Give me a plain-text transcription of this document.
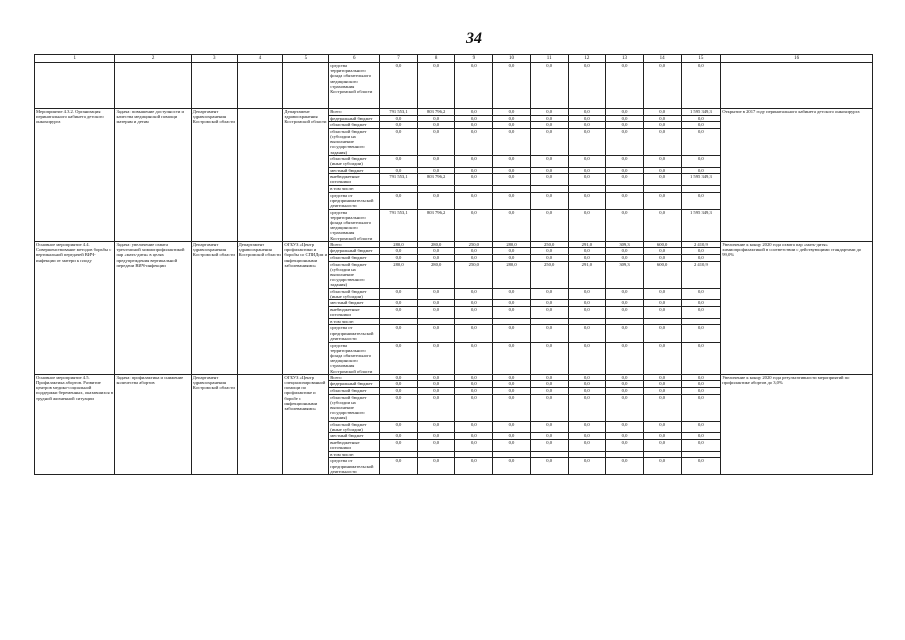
34
1	2	3	4	5	6	7	8	9	10	11	12	13	14	15	16
					средства территориального фонда обязательного медицинского страхования Костромской области	0,0	0,0	0,0	0,0	0,0	0,0	0,0	0,0	0,0	
Мероприятие 4.3.2. Организация перинатального кабинета детского онкохирурга	Задача: повышение доступности и качества медицинской помощи матерям и детям	Департамент здравоохранения Костромской области		Департамент здравоохранения Костромской области	Всего	791 553,1	803 796,2	0,0	0,0	0,0	0,0	0,0	0,0	1 595 349,3	Открытие в 2017 году перинатального кабинета детского онкохирурга
					федеральный бюджет	0,0	0,0	0,0	0,0	0,0	0,0	0,0	0,0	0,0	
					областной бюджет	0,0	0,0	0,0	0,0	0,0	0,0	0,0	0,0	0,0	
					областной бюджет (субсидии на выполнение государственного задания)	0,0	0,0	0,0	0,0	0,0	0,0	0,0	0,0	0,0	
					областной бюджет (иные субсидии)	0,0	0,0	0,0	0,0	0,0	0,0	0,0	0,0	0,0	
					местный бюджет	0,0	0,0	0,0	0,0	0,0	0,0	0,0	0,0	0,0	
					внебюджетные источники	791 553,1	803 796,2	0,0	0,0	0,0	0,0	0,0	0,0	1 595 349,3	
					в том числе:										
					средства от предпринимательской деятельности	0,0	0,0	0,0	0,0	0,0	0,0	0,0	0,0	0,0	
					средства территориального фонда обязательного медицинского страхования Костромской области	791 553,1	803 796,2	0,0	0,0	0,0	0,0	0,0	0,0	1 595 349,3	
Основное мероприятие 4.4. Совершенствование методов борьбы с вертикальной передачей ВИЧ-инфекции от матери к плоду	Задача: увеличение охвата трехэтапной химиопрофилактикой пар «мать-дитя» в целях предупреждения вертикальной передачи ВИЧ-инфекции	Департамент здравоохранения Костромской области	Департамент здравоохранения Костромской области	ОГБУЗ «Центр профилактики и борьбы со СПИДом и инфекционными заболеваниями»	Всего	280,0	280,0	250,0	280,0	250,0	291,0	309,3	600,0	2 410,9	Увеличение к концу 2020 года охвата пар «мать-дитя» химиопрофилактикой в соответствии с действующими стандартами до 99,0%
					федеральный бюджет	0,0	0,0	0,0	0,0	0,0	0,0	0,0	0,0	0,0	
					областной бюджет	0,0	0,0	0,0	0,0	0,0	0,0	0,0	0,0	0,0	
					областной бюджет (субсидии на выполнение государственного задания)	280,0	280,0	250,0	280,0	250,0	291,0	309,3	600,0	2 410,9	
					областной бюджет (иные субсидии)	0,0	0,0	0,0	0,0	0,0	0,0	0,0	0,0	0,0	
					местный бюджет	0,0	0,0	0,0	0,0	0,0	0,0	0,0	0,0	0,0	
					внебюджетные источники	0,0	0,0	0,0	0,0	0,0	0,0	0,0	0,0	0,0	
					в том числе:										
					средства от предпринимательской деятельности	0,0	0,0	0,0	0,0	0,0	0,0	0,0	0,0	0,0	
					средства территориального фонда обязательного медицинского страхования Костромской области	0,0	0,0	0,0	0,0	0,0	0,0	0,0	0,0	0,0	
Основное мероприятие 4.5. Профилактика абортов. Развитие центров медико-социальной поддержки беременных, оказавшихся в трудной жизненной ситуации	Задача: профилактика и снижение количества абортов	Департамент здравоохранения Костромской области		ОГБУЗ «Центр специализированной помощи по профилактике и борьбе с инфекционными заболеваниями»	Всего	0,0	0,0	0,0	0,0	0,0	0,0	0,0	0,0	0,0	Увеличение к концу 2020 года результативности мероприятий по профилактике абортов до 3,0%
					федеральный бюджет	0,0	0,0	0,0	0,0	0,0	0,0	0,0	0,0	0,0	
					областной бюджет	0,0	0,0	0,0	0,0	0,0	0,0	0,0	0,0	0,0	
					областной бюджет (субсидии на выполнение государственного задания)	0,0	0,0	0,0	0,0	0,0	0,0	0,0	0,0	0,0	
					областной бюджет (иные субсидии)	0,0	0,0	0,0	0,0	0,0	0,0	0,0	0,0	0,0	
					местный бюджет	0,0	0,0	0,0	0,0	0,0	0,0	0,0	0,0	0,0	
					внебюджетные источники	0,0	0,0	0,0	0,0	0,0	0,0	0,0	0,0	0,0	
					в том числе:										
					средства от предпринимательской деятельности	0,0	0,0	0,0	0,0	0,0	0,0	0,0	0,0	0,0	
